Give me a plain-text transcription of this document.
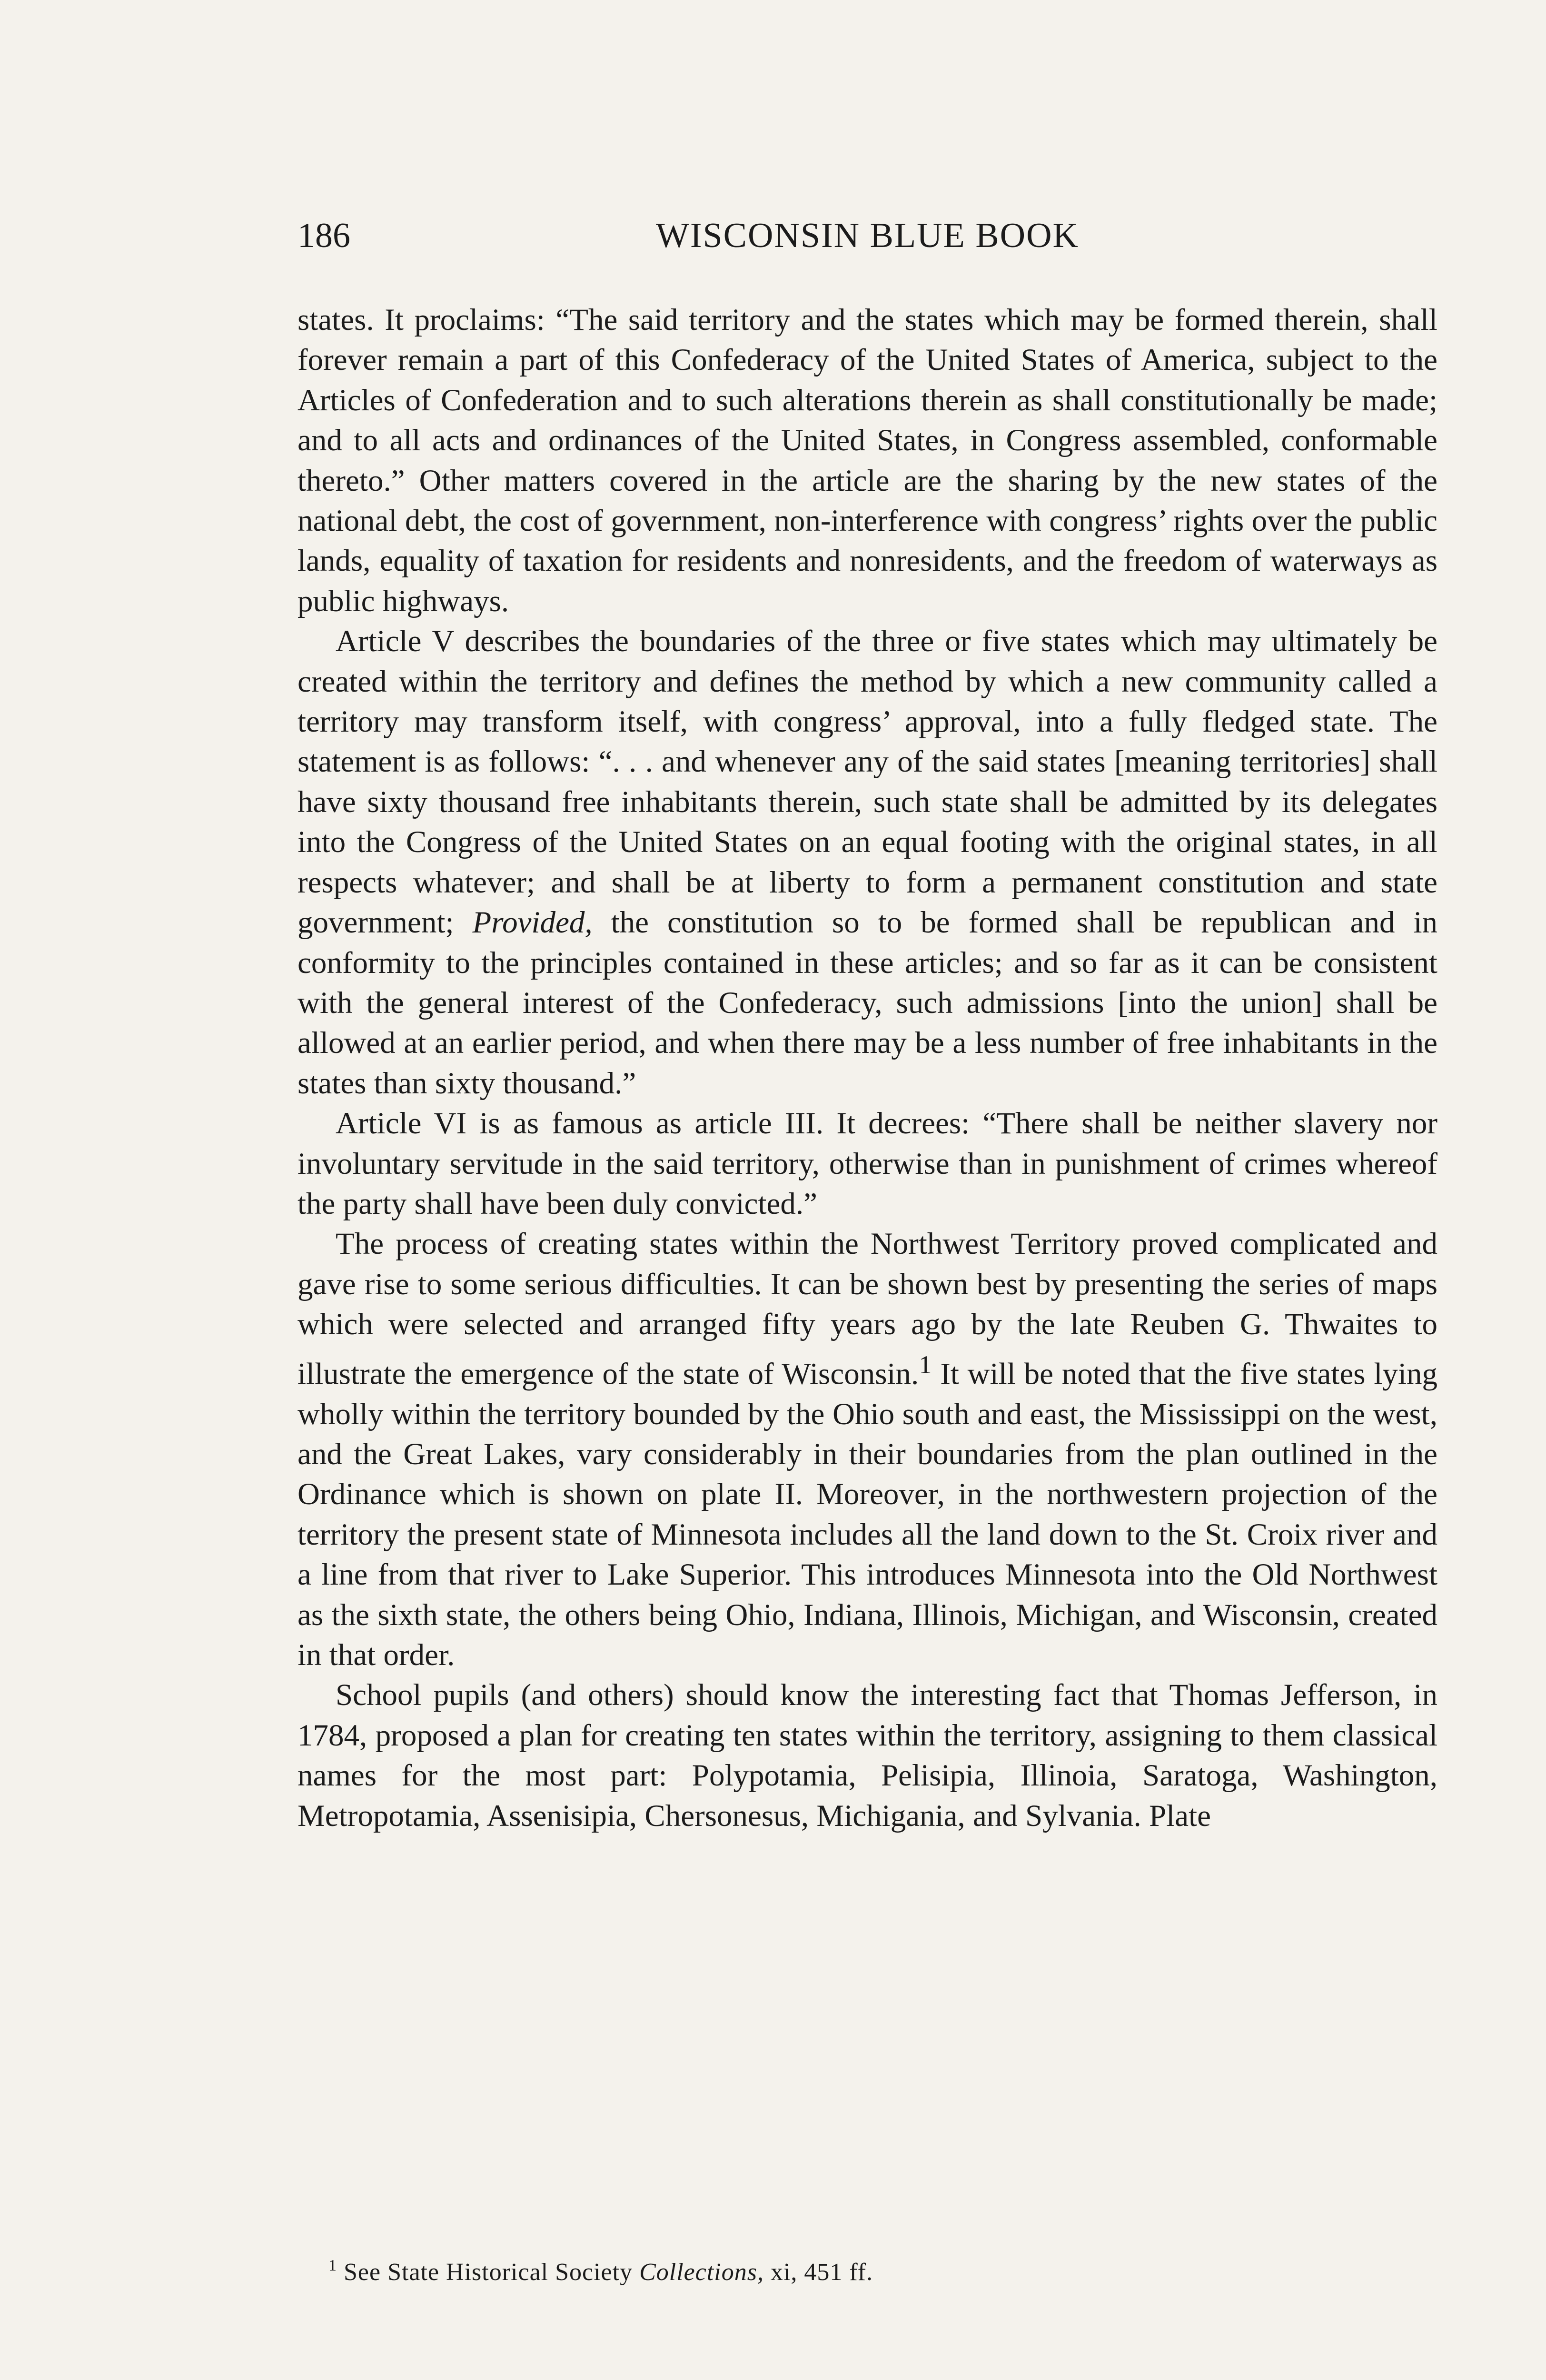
186	WISCONSIN BLUE BOOK

states. It proclaims: “The said territory and the states which may be formed therein, shall forever remain a part of this Confederacy of the United States of America, subject to the Articles of Confederation and to such alterations therein as shall constitutionally be made; and to all acts and ordinances of the United States, in Congress assembled, conformable thereto.” Other matters covered in the article are the sharing by the new states of the national debt, the cost of government, non-interference with congress’ rights over the public lands, equality of taxation for residents and nonresidents, and the freedom of waterways as public highways.

Article V describes the boundaries of the three or five states which may ultimately be created within the territory and defines the method by which a new community called a territory may transform itself, with congress’ approval, into a fully fledged state. The statement is as follows: “. . . and whenever any of the said states [meaning territories] shall have sixty thousand free inhabitants therein, such state shall be admitted by its delegates into the Congress of the United States on an equal footing with the original states, in all respects whatever; and shall be at liberty to form a permanent constitution and state government; Provided, the constitution so to be formed shall be republican and in conformity to the principles contained in these articles; and so far as it can be consistent with the general interest of the Confederacy, such admissions [into the union] shall be allowed at an earlier period, and when there may be a less number of free inhabitants in the states than sixty thousand.”

Article VI is as famous as article III. It decrees: “There shall be neither slavery nor involuntary servitude in the said territory, otherwise than in punishment of crimes whereof the party shall have been duly convicted.”

The process of creating states within the Northwest Territory proved complicated and gave rise to some serious difficulties. It can be shown best by presenting the series of maps which were selected and arranged fifty years ago by the late Reuben G. Thwaites to illustrate the emergence of the state of Wisconsin.$^1$ It will be noted that the five states lying wholly within the territory bounded by the Ohio south and east, the Mississippi on the west, and the Great Lakes, vary considerably in their boundaries from the plan outlined in the Ordinance which is shown on plate II. Moreover, in the northwestern projection of the territory the present state of Minnesota includes all the land down to the St. Croix river and a line from that river to Lake Superior. This introduces Minnesota into the Old Northwest as the sixth state, the others being Ohio, Indiana, Illinois, Michigan, and Wisconsin, created in that order.

School pupils (and others) should know the interesting fact that Thomas Jefferson, in 1784, proposed a plan for creating ten states within the territory, assigning to them classical names for the most part: Polypotamia, Pelisipia, Illinoia, Saratoga, Washington, Metropotamia, Assenisipia, Chersonesus, Michigania, and Sylvania. Plate

$^1$ See State Historical Society Collections, xi, 451 ff.
